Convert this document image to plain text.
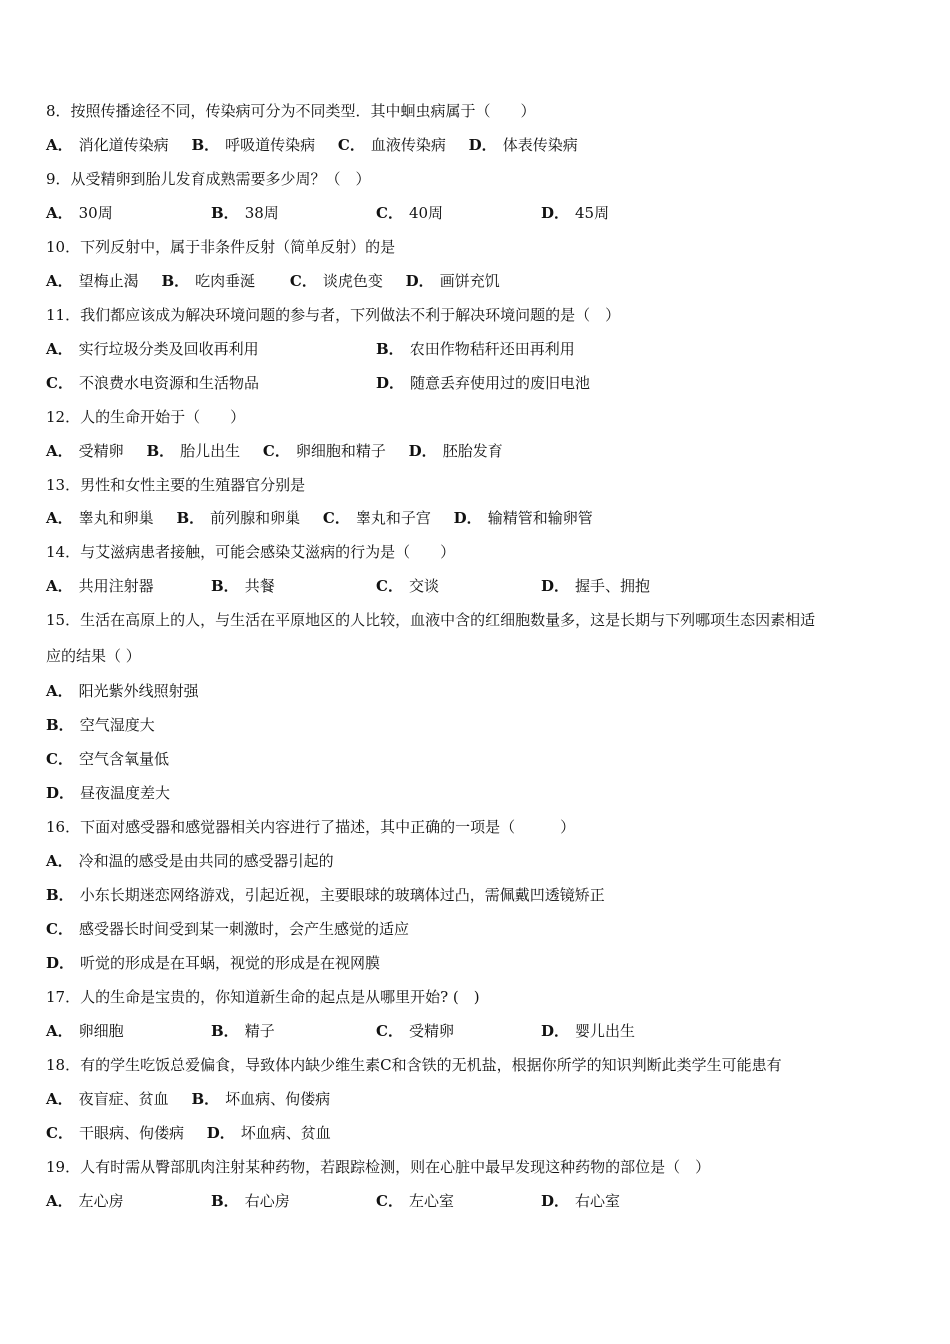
8．按照传播途径不同，传染病可分为不同类型．其中蛔虫病属于（　　）
A． 消化道传染病 B． 呼吸道传染病 C． 血液传染病 D． 体表传染病
9．从受精卵到胎儿发育成熟需要多少周？（　）
A． 30周	B． 38周	C． 40周	D． 45周
10．下列反射中，属于非条件反射（简单反射）的是
A． 望梅止渴 B． 吃肉垂涎 C． 谈虎色变 D． 画饼充饥
11．我们都应该成为解决环境问题的参与者，下列做法不利于解决环境问题的是（　）
A． 实行垃圾分类及回收再利用	B． 农田作物秸秆还田再利用
C． 不浪费水电资源和生活物品	D． 随意丢弃使用过的废旧电池
12．人的生命开始于（　　）
A． 受精卵 B． 胎儿出生 C． 卵细胞和精子 D． 胚胎发育
13．男性和女性主要的生殖器官分别是
A． 睾丸和卵巢 B． 前列腺和卵巢 C． 睾丸和子宫 D． 输精管和输卵管
14．与艾滋病患者接触，可能会感染艾滋病的行为是（　　）
A． 共用注射器	B． 共餐	C． 交谈	D． 握手、拥抱
15．生活在高原上的人，与生活在平原地区的人比较，血液中含的红细胞数量多，这是长期与下列哪项生态因素相适
应的结果（ ）
A． 阳光紫外线照射强
B． 空气湿度大
C． 空气含氧量低
D． 昼夜温度差大
16．下面对感受器和感觉器相关内容进行了描述，其中正确的一项是（　　　）
A． 冷和温的感受是由共同的感受器引起的
B． 小东长期迷恋网络游戏，引起近视，主要眼球的玻璃体过凸，需佩戴凹透镜矫正
C． 感受器长时间受到某一刺激时，会产生感觉的适应
D． 听觉的形成是在耳蜗，视觉的形成是在视网膜
17．人的生命是宝贵的，你知道新生命的起点是从哪里开始? (　)
A． 卵细胞	B． 精子	C． 受精卵	D． 婴儿出生
18．有的学生吃饭总爱偏食，导致体内缺少维生素C和含铁的无机盐，根据你所学的知识判断此类学生可能患有
A． 夜盲症、贫血 B． 坏血病、佝偻病
C． 干眼病、佝偻病 D． 坏血病、贫血
19．人有时需从臀部肌肉注射某种药物，若跟踪检测，则在心脏中最早发现这种药物的部位是（　）
A． 左心房	B． 右心房	C． 左心室	D． 右心室
